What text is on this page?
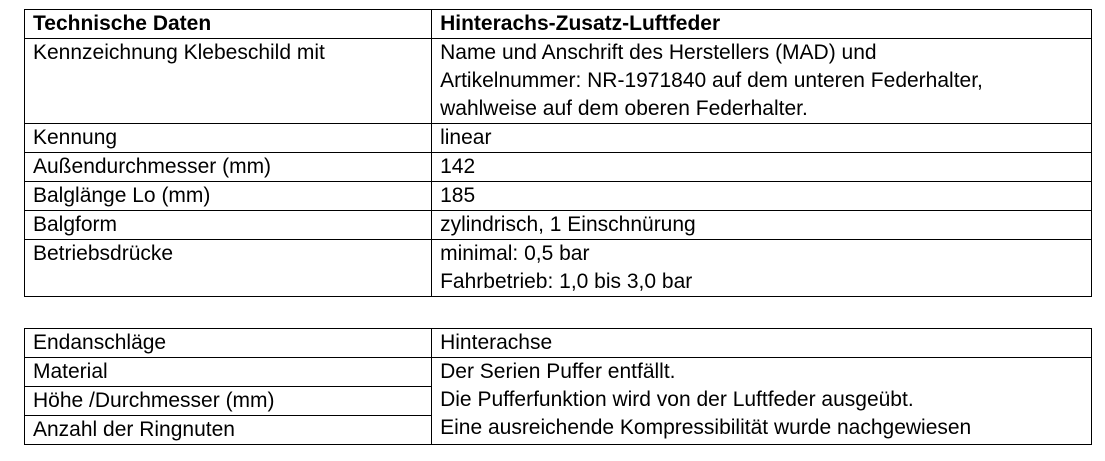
Technische Daten	Hinterachs-Zusatz-Luftfeder
Kennzeichnung Klebeschild mit	Name und Anschrift des Herstellers (MAD) und
Artikelnummer: NR-1971840 auf dem unteren Federhalter,
wahlweise auf dem oberen Federhalter.

Kennung	linear
Außendurchmesser (mm)	142
Balglänge Lo (mm)	185
Balgform	zylindrisch, 1 Einschnürung
Betriebsdrücke	minimal: 0,5 bar
Fahrbetrieb: 1,0 bis 3,0 bar
Endanschläge	Hinterachse
Material	Der Serien Puffer entfällt.
Die Pufferfunktion wird von der Luftfeder ausgeübt.
Eine ausreichende Kompressibilität wurde nachgewiesen

Höhe /Durchmesser (mm)	
Anzahl der Ringnuten	
